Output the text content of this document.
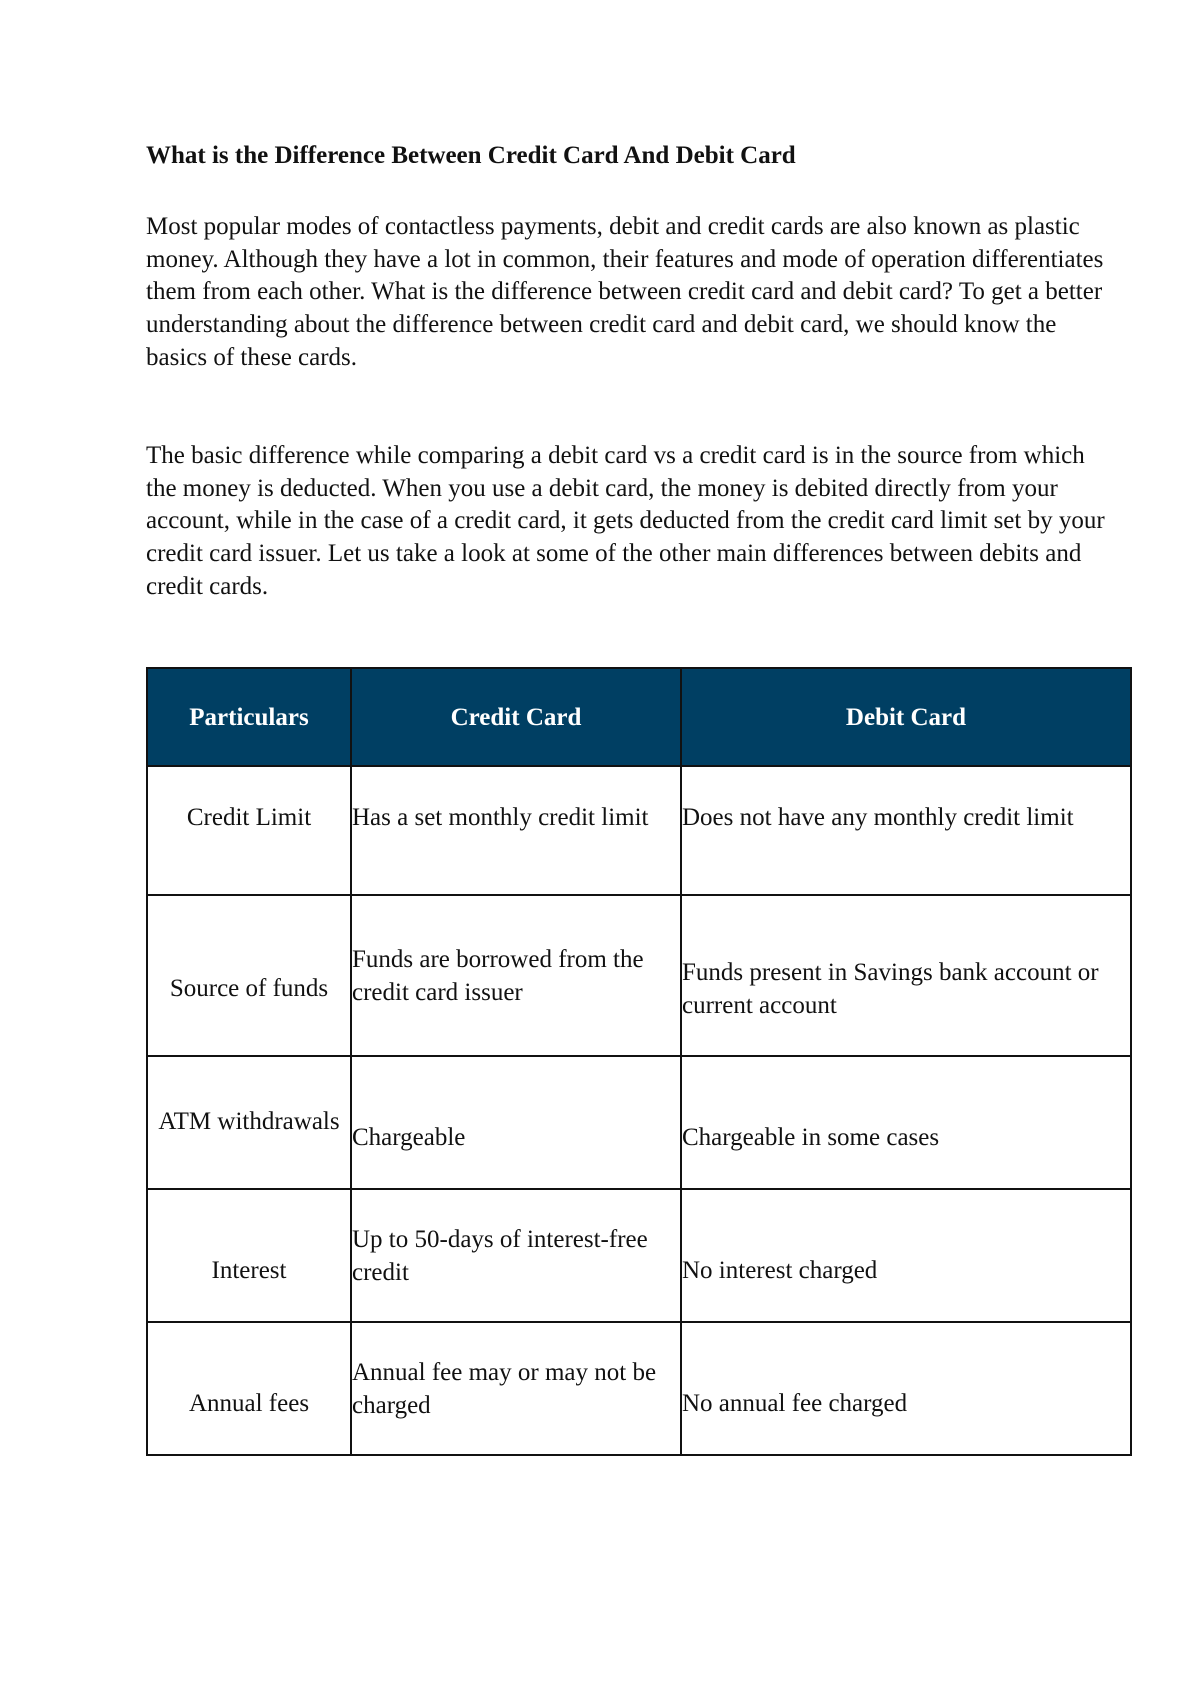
What is the Difference Between Credit Card And Debit Card

Most popular modes of contactless payments, debit and credit cards are also known as plastic money. Although they have a lot in common, their features and mode of operation differentiates them from each other. What is the difference between credit card and debit card? To get a better understanding about the difference between credit card and debit card, we should know the basics of these cards.

The basic difference while comparing a debit card vs a credit card is in the source from which the money is deducted. When you use a debit card, the money is debited directly from your account, while in the case of a credit card, it gets deducted from the credit card limit set by your credit card issuer. Let us take a look at some of the other main differences between debits and credit cards.

Particulars	Credit Card	Debit Card

Credit Limit	Has a set monthly credit limit	Does not have any monthly credit limit

Source of funds	Funds are borrowed from the credit card issuer	Funds present in Savings bank account or current account

ATM withdrawals	Chargeable	Chargeable in some cases

Interest	Up to 50-days of interest-free credit	No interest charged

Annual fees	Annual fee may or may not be charged	No annual fee charged
